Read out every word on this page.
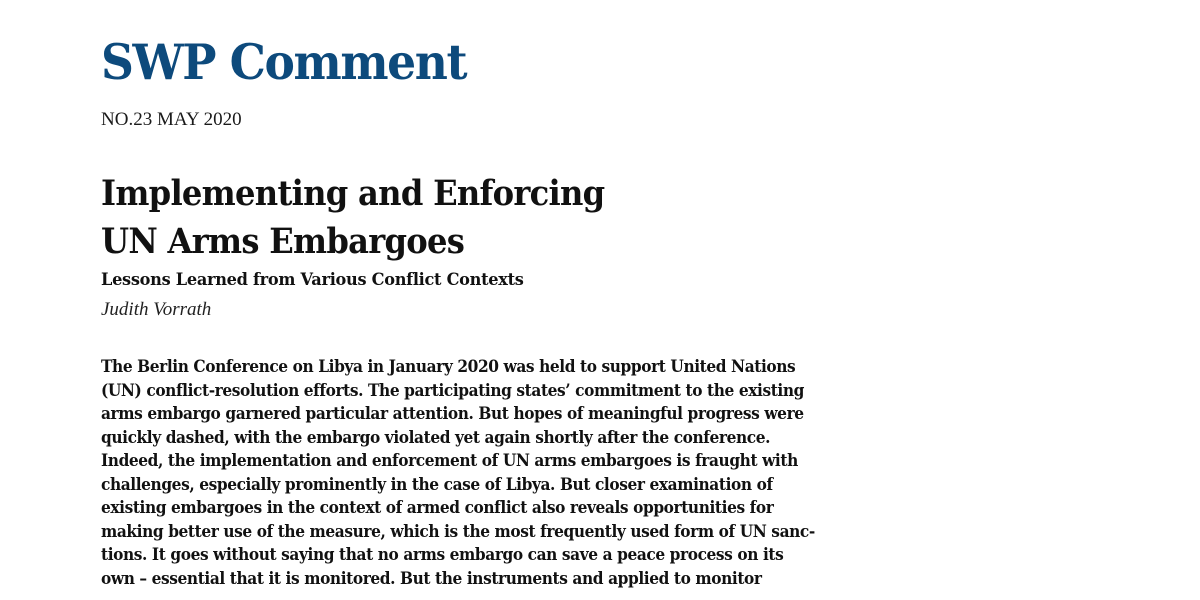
SWP Comment
NO.23 MAY 2020
Implementing and Enforcing
UN Arms Embargoes
Lessons Learned from Various Conflict Contexts
Judith Vorrath
The Berlin Conference on Libya in January 2020 was held to support United Nations
(UN) conflict-resolution efforts. The participating states’ commitment to the existing
arms embargo garnered particular attention. But hopes of meaningful progress were
quickly dashed, with the embargo violated yet again shortly after the conference.
Indeed, the implementation and enforcement of UN arms embargoes is fraught with
challenges, especially prominently in the case of Libya. But closer examination of
existing embargoes in the context of armed conflict also reveals opportunities for
making better use of the measure, which is the most frequently used form of UN sanc-
tions. It goes without saying that no arms embargo can save a peace process on its
own – essential that it is monitored. But the instruments and applied to monitor
